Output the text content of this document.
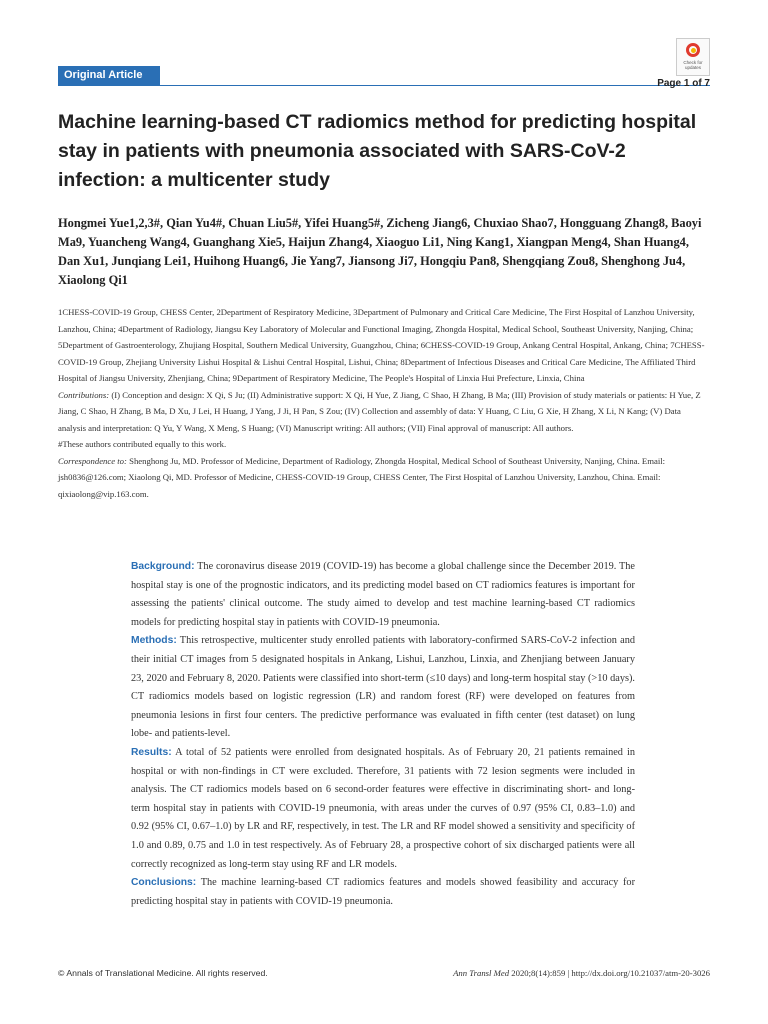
Original Article
Check for updates
Page 1 of 7
Machine learning-based CT radiomics method for predicting hospital stay in patients with pneumonia associated with SARS-CoV-2 infection: a multicenter study
Hongmei Yue1,2,3#, Qian Yu4#, Chuan Liu5#, Yifei Huang5#, Zicheng Jiang6, Chuxiao Shao7, Hongguang Zhang8, Baoyi Ma9, Yuancheng Wang4, Guanghang Xie5, Haijun Zhang4, Xiaoguo Li1, Ning Kang1, Xiangpan Meng4, Shan Huang4, Dan Xu1, Junqiang Lei1, Huihong Huang6, Jie Yang7, Jiansong Ji7, Hongqiu Pan8, Shengqiang Zou8, Shenghong Ju4, Xiaolong Qi1
1CHESS-COVID-19 Group, CHESS Center, 2Department of Respiratory Medicine, 3Department of Pulmonary and Critical Care Medicine, The First Hospital of Lanzhou University, Lanzhou, China; 4Department of Radiology, Jiangsu Key Laboratory of Molecular and Functional Imaging, Zhongda Hospital, Medical School, Southeast University, Nanjing, China; 5Department of Gastroenterology, Zhujiang Hospital, Southern Medical University, Guangzhou, China; 6CHESS-COVID-19 Group, Ankang Central Hospital, Ankang, China; 7CHESS-COVID-19 Group, Zhejiang University Lishui Hospital & Lishui Central Hospital, Lishui, China; 8Department of Infectious Diseases and Critical Care Medicine, The Affiliated Third Hospital of Jiangsu University, Zhenjiang, China; 9Department of Respiratory Medicine, The People's Hospital of Linxia Hui Prefecture, Linxia, China
Contributions: (I) Conception and design: X Qi, S Ju; (II) Administrative support: X Qi, H Yue, Z Jiang, C Shao, H Zhang, B Ma; (III) Provision of study materials or patients: H Yue, Z Jiang, C Shao, H Zhang, B Ma, D Xu, J Lei, H Huang, J Yang, J Ji, H Pan, S Zou; (IV) Collection and assembly of data: Y Huang, C Liu, G Xie, H Zhang, X Li, N Kang; (V) Data analysis and interpretation: Q Yu, Y Wang, X Meng, S Huang; (VI) Manuscript writing: All authors; (VII) Final approval of manuscript: All authors.
#These authors contributed equally to this work.
Correspondence to: Shenghong Ju, MD. Professor of Medicine, Department of Radiology, Zhongda Hospital, Medical School of Southeast University, Nanjing, China. Email: jsh0836@126.com; Xiaolong Qi, MD. Professor of Medicine, CHESS-COVID-19 Group, CHESS Center, The First Hospital of Lanzhou University, Lanzhou, China. Email: qixiaolong@vip.163.com.

Background: The coronavirus disease 2019 (COVID-19) has become a global challenge since the December 2019. The hospital stay is one of the prognostic indicators, and its predicting model based on CT radiomics features is important for assessing the patients' clinical outcome. The study aimed to develop and test machine learning-based CT radiomics models for predicting hospital stay in patients with COVID-19 pneumonia.

Methods: This retrospective, multicenter study enrolled patients with laboratory-confirmed SARS-CoV-2 infection and their initial CT images from 5 designated hospitals in Ankang, Lishui, Lanzhou, Linxia, and Zhenjiang between January 23, 2020 and February 8, 2020. Patients were classified into short-term (≤10 days) and long-term hospital stay (>10 days). CT radiomics models based on logistic regression (LR) and random forest (RF) were developed on features from pneumonia lesions in first four centers. The predictive performance was evaluated in fifth center (test dataset) on lung lobe- and patients-level.

Results: A total of 52 patients were enrolled from designated hospitals. As of February 20, 21 patients remained in hospital or with non-findings in CT were excluded. Therefore, 31 patients with 72 lesion segments were included in analysis. The CT radiomics models based on 6 second-order features were effective in discriminating short- and long-term hospital stay in patients with COVID-19 pneumonia, with areas under the curves of 0.97 (95% CI, 0.83–1.0) and 0.92 (95% CI, 0.67–1.0) by LR and RF, respectively, in test. The LR and RF model showed a sensitivity and specificity of 1.0 and 0.89, 0.75 and 1.0 in test respectively. As of February 28, a prospective cohort of six discharged patients were all correctly recognized as long-term stay using RF and LR models.

Conclusions: The machine learning-based CT radiomics features and models showed feasibility and accuracy for predicting hospital stay in patients with COVID-19 pneumonia.

© Annals of Translational Medicine. All rights reserved.	Ann Transl Med 2020;8(14):859 | http://dx.doi.org/10.21037/atm-20-3026
